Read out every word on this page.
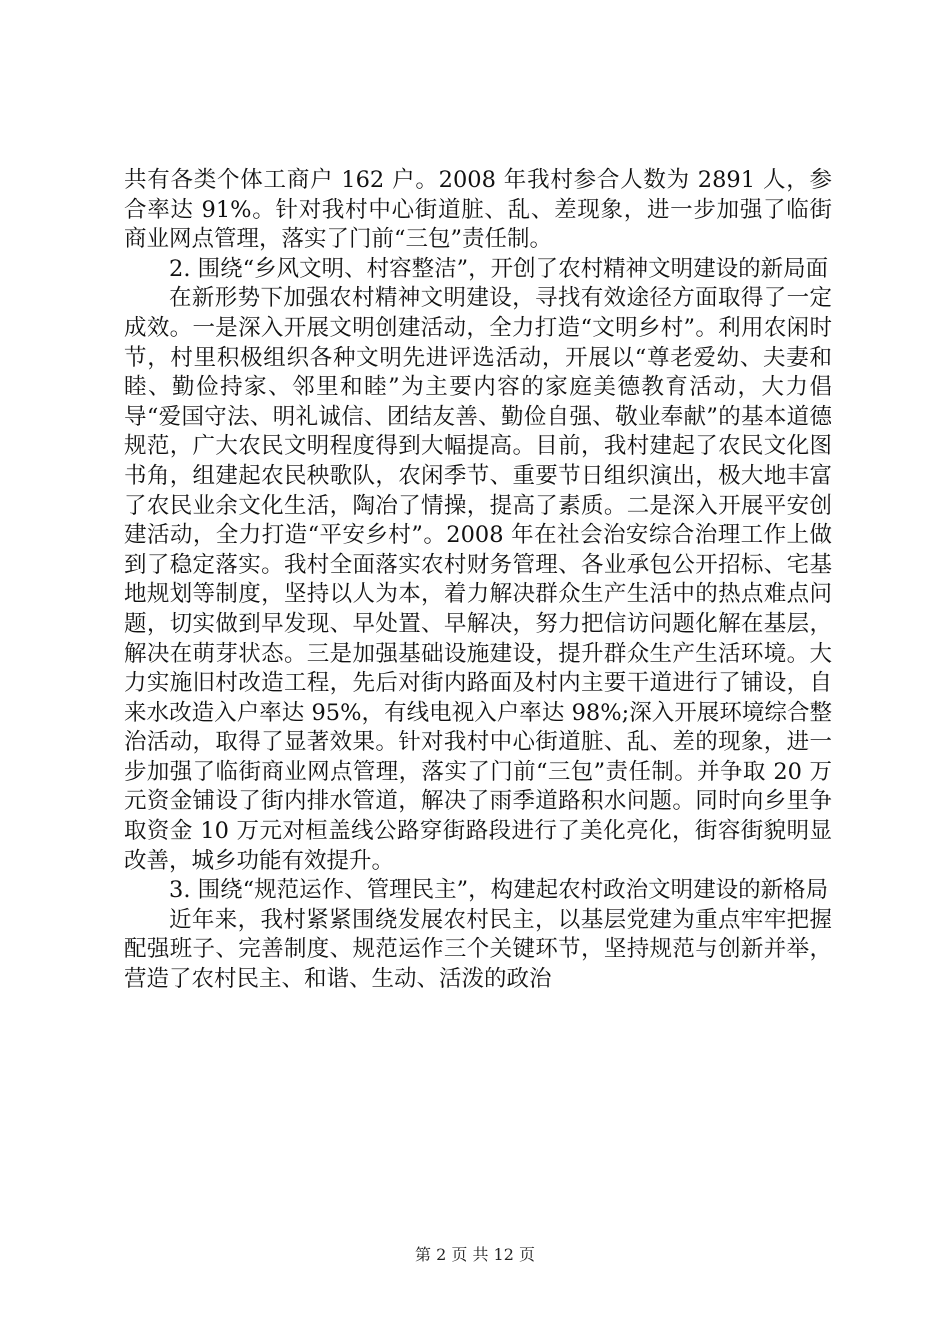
共有各类个体工商户 162 户。2008 年我村参合人数为 2891 人，参合率达 91%。针对我村中心街道脏、乱、差现象，进一步加强了临街商业网点管理，落实了门前“三包”责任制。

2. 围绕“乡风文明、村容整洁”，开创了农村精神文明建设的新局面

在新形势下加强农村精神文明建设，寻找有效途径方面取得了一定成效。一是深入开展文明创建活动，全力打造“文明乡村”。利用农闲时节，村里积极组织各种文明先进评选活动，开展以“尊老爱幼、夫妻和睦、勤俭持家、邻里和睦”为主要内容的家庭美德教育活动，大力倡导“爱国守法、明礼诚信、团结友善、勤俭自强、敬业奉献”的基本道德规范，广大农民文明程度得到大幅提高。目前，我村建起了农民文化图书角，组建起农民秧歌队，农闲季节、重要节日组织演出，极大地丰富了农民业余文化生活，陶冶了情操，提高了素质。二是深入开展平安创建活动，全力打造“平安乡村”。2008 年在社会治安综合治理工作上做到了稳定落实。我村全面落实农村财务管理、各业承包公开招标、宅基地规划等制度，坚持以人为本，着力解决群众生产生活中的热点难点问题，切实做到早发现、早处置、早解决，努力把信访问题化解在基层，解决在萌芽状态。三是加强基础设施建设，提升群众生产生活环境。大力实施旧村改造工程，先后对街内路面及村内主要干道进行了铺设，自来水改造入户率达 95%，有线电视入户率达 98%;深入开展环境综合整治活动，取得了显著效果。针对我村中心街道脏、乱、差的现象，进一步加强了临街商业网点管理，落实了门前“三包”责任制。并争取 20 万元资金铺设了街内排水管道，解决了雨季道路积水问题。同时向乡里争取资金 10 万元对桓盖线公路穿街路段进行了美化亮化，街容街貌明显改善，城乡功能有效提升。

3. 围绕“规范运作、管理民主”，构建起农村政治文明建设的新格局

近年来，我村紧紧围绕发展农村民主，以基层党建为重点牢牢把握配强班子、完善制度、规范运作三个关键环节，坚持规范与创新并举，营造了农村民主、和谐、生动、活泼的政治

第 2 页 共 12 页
